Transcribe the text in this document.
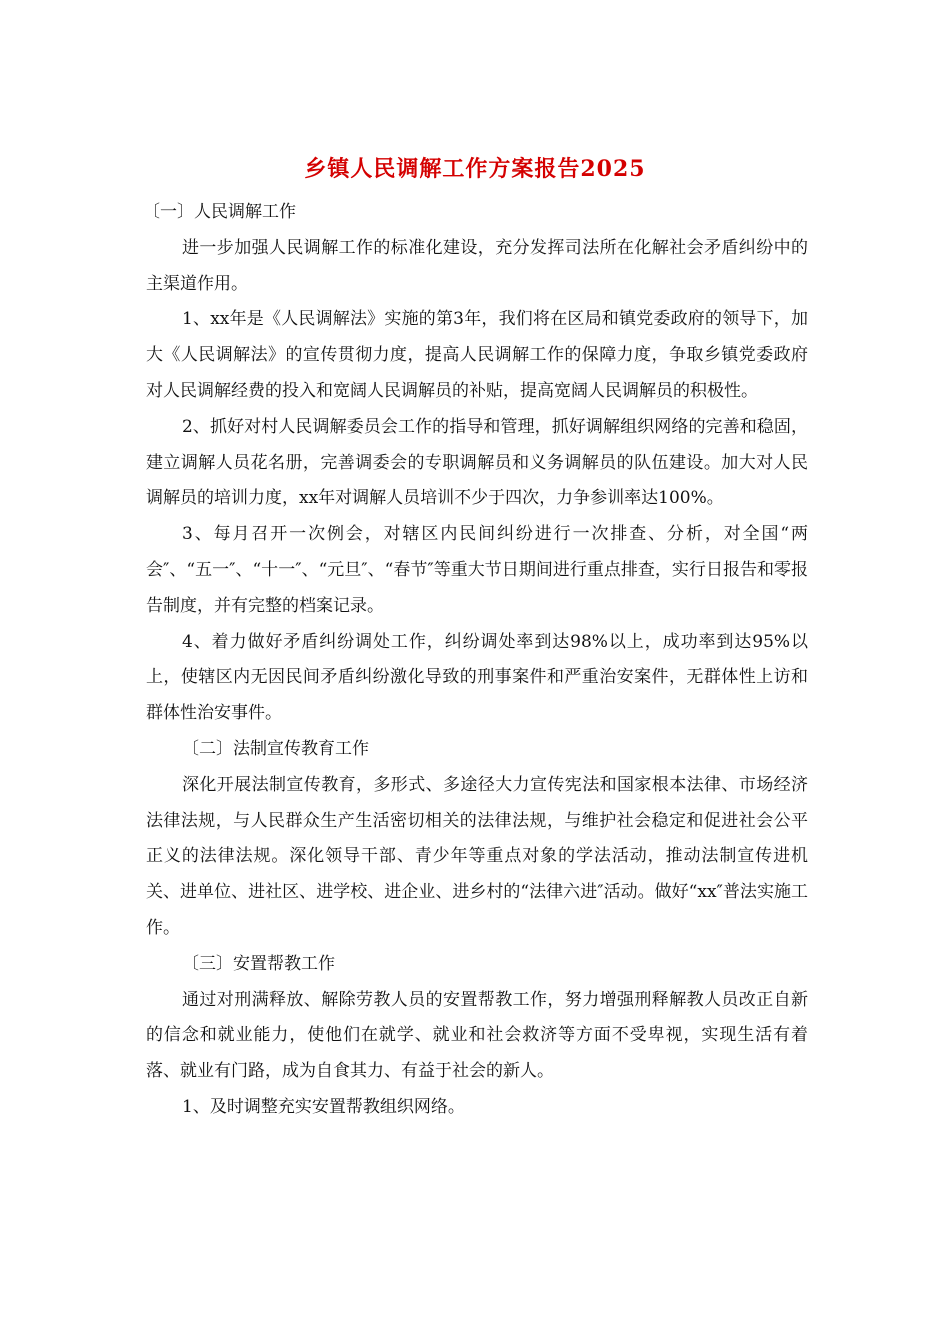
乡镇人民调解工作方案报告2025

〔一〕人民调解工作

进一步加强人民调解工作的标准化建设，充分发挥司法所在化解社会矛盾纠纷中的主渠道作用。

1、xx年是《人民调解法》实施的第3年，我们将在区局和镇党委政府的领导下，加大《人民调解法》的宣传贯彻力度，提高人民调解工作的保障力度，争取乡镇党委政府对人民调解经费的投入和宽阔人民调解员的补贴，提高宽阔人民调解员的积极性。

2、抓好对村人民调解委员会工作的指导和管理，抓好调解组织网络的完善和稳固，建立调解人员花名册，完善调委会的专职调解员和义务调解员的队伍建设。加大对人民调解员的培训力度，xx年对调解人员培训不少于四次，力争参训率达100%。

3、每月召开一次例会，对辖区内民间纠纷进行一次排查、分析，对全国“两会″、“五一″、“十一″、“元旦″、“春节″等重大节日期间进行重点排查，实行日报告和零报告制度，并有完整的档案记录。

4、着力做好矛盾纠纷调处工作，纠纷调处率到达98%以上，成功率到达95%以上，使辖区内无因民间矛盾纠纷激化导致的刑事案件和严重治安案件，无群体性上访和群体性治安事件。

〔二〕法制宣传教育工作

深化开展法制宣传教育，多形式、多途径大力宣传宪法和国家根本法律、市场经济法律法规，与人民群众生产生活密切相关的法律法规，与维护社会稳定和促进社会公平正义的法律法规。深化领导干部、青少年等重点对象的学法活动，推动法制宣传进机关、进单位、进社区、进学校、进企业、进乡村的“法律六进″活动。做好“xx″普法实施工作。

〔三〕安置帮教工作

通过对刑满释放、解除劳教人员的安置帮教工作，努力增强刑释解教人员改正自新的信念和就业能力，使他们在就学、就业和社会救济等方面不受卑视，实现生活有着落、就业有门路，成为自食其力、有益于社会的新人。

1、及时调整充实安置帮教组织网络。
